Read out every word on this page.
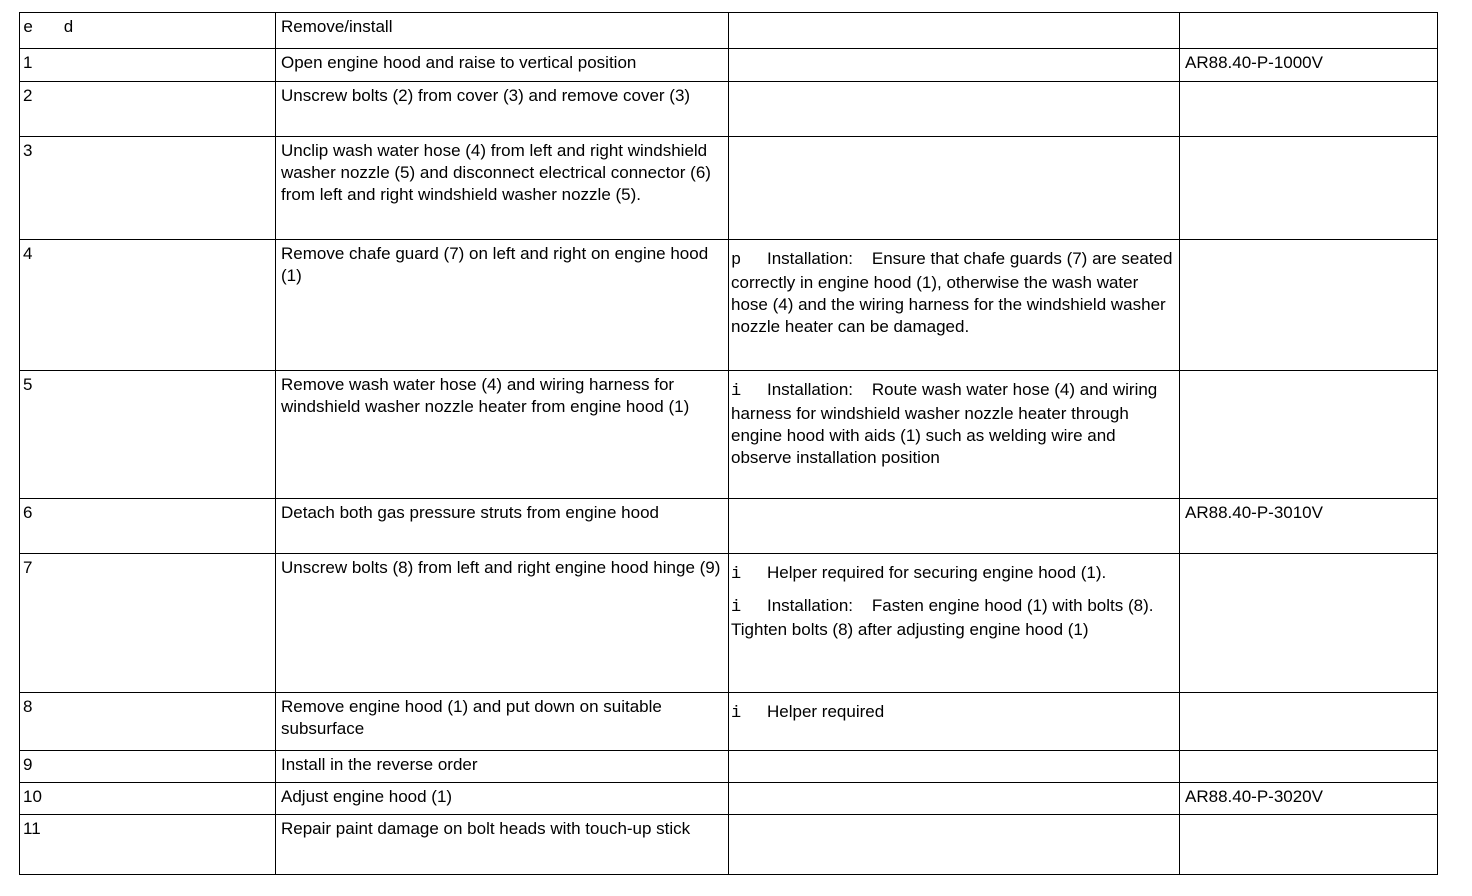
e d	Remove/install		
1	Open engine hood and raise to vertical position		AR88.40-P-1000V
2	Unscrew bolts (2) from cover (3) and remove cover (3)		
3	Unclip wash water hose (4) from left and right windshield washer nozzle (5) and disconnect electrical connector (6) from left and right windshield washer nozzle (5).		
4	Remove chafe guard (7) on left and right on engine hood (1)	p Installation:    Ensure that chafe guards (7) are seated correctly in engine hood (1), otherwise the wash water hose (4) and the wiring harness for the windshield washer nozzle heater can be damaged.	

5	Remove wash water hose (4) and wiring harness for windshield washer nozzle heater from engine hood (1)	i Installation:    Route wash water hose (4) and wiring harness for windshield washer nozzle heater through engine hood with aids (1) such as welding wire and observe installation position	

6	Detach both gas pressure struts from engine hood		AR88.40-P-3010V
7	Unscrew bolts (8) from left and right engine hood hinge (9)	i Helper required for securing engine hood (1).
i Installation:    Fasten engine hood (1) with bolts (8). Tighten bolts (8) after adjusting engine hood (1)	

8	Remove engine hood (1) and put down on suitable subsurface	i Helper required	

9	Install in the reverse order		
10	Adjust engine hood (1)		AR88.40-P-3020V
11	Repair paint damage on bolt heads with touch-up stick		
